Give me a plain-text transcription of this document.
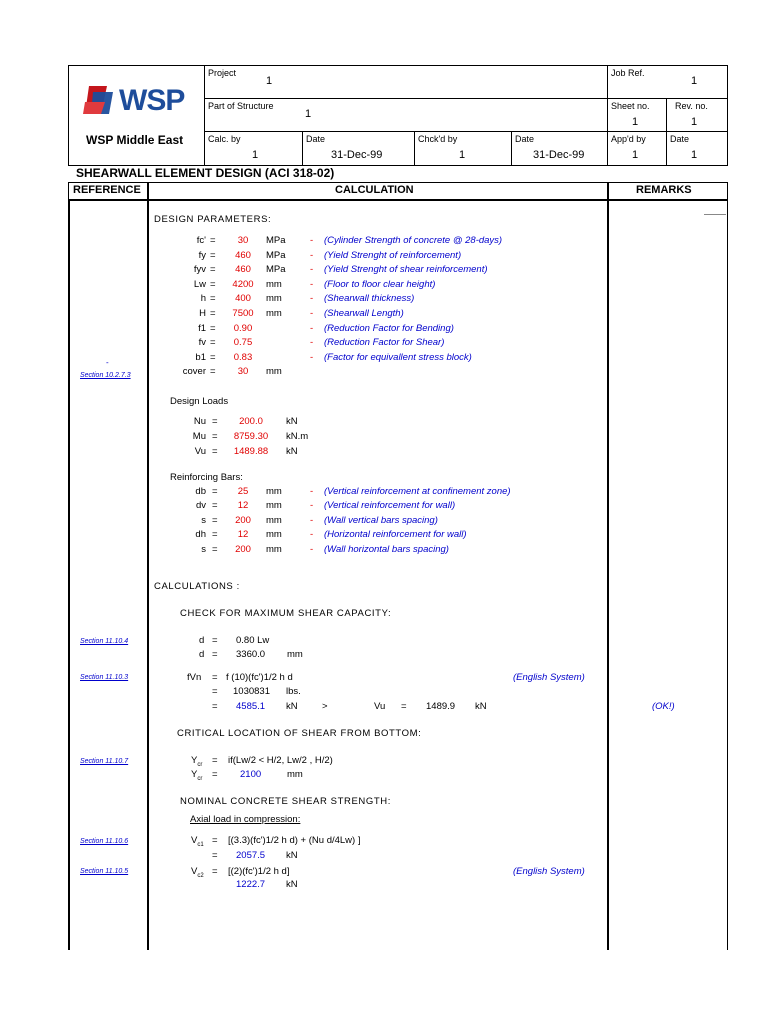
WSP
WSP Middle East
Project
1
Part of Structure
1
Calc. by
1
Date
31-Dec-99
Chck'd by
1
Date
31-Dec-99
Job Ref.
1
Sheet no.
1
Rev. no.
1
App'd by
1
Date
1
SHEARWALL ELEMENT DESIGN (ACI 318-02)
REFERENCE	CALCULATION	REMARKS
DESIGN PARAMETERS:
fc' =	30	MPa	- (Cylinder Strength of concrete @ 28-days)
fy =	460	MPa	- (Yield Strenght of reinforcement)
fyv =	460	MPa	- (Yield Strenght of shear reinforcement)
Lw =	4200	mm	- (Floor to floor clear height)
h =	400	mm	- (Shearwall thickness)
H =	7500	mm	- (Shearwall Length)
f1 =	0.90	- (Reduction Factor for Bending)
fv =	0.75	- (Reduction Factor for Shear)
b1 =	0.83	- (Factor for equivallent stress block)
cover =	30	mm
-
Section 10.2.7.3
Design Loads
Nu =	200.0	kN
Mu =	8759.30	kN.m
Vu =	1489.88	kN
Reinforcing Bars:
db =	25	mm	- (Vertical reinforcement at confinement zone)
dv =	12	mm	- (Vertical reinforcement for wall)
s =	200	mm	- (Wall vertical bars spacing)
dh =	12	mm	- (Horizontal reinforcement for wall)
s =	200	mm	- (Wall horizontal bars spacing)
CALCULATIONS :
CHECK FOR MAXIMUM SHEAR CAPACITY:
Section 11.10.4	d = 0.80 Lw
d = 3360.0 mm
Section 11.10.3	fVn = f (10)(fc')1/2 h d	(English System)
= 1030831 lbs.
= 4585.1 kN	>	Vu = 1489.9 kN	(OK!)
CRITICAL LOCATION OF SHEAR FROM BOTTOM:
Section 11.10.7	$Y_{cr} = if(Lw/2 < H/2$, Lw/2 , H/2)
$Y_{cr} = 2100$	mm
NOMINAL CONCRETE SHEAR STRENGTH:
Axial load in compression:
Section 11.10.6	$V_{c1} = [(3.3)(fc')1/2$ h d) + (Nu d/4Lw) ]
= 2057.5 kN
Section 11.10.5	$V_{c2} = [(2)(fc')1/2$ h d]	(English System)
1222.7 kN
